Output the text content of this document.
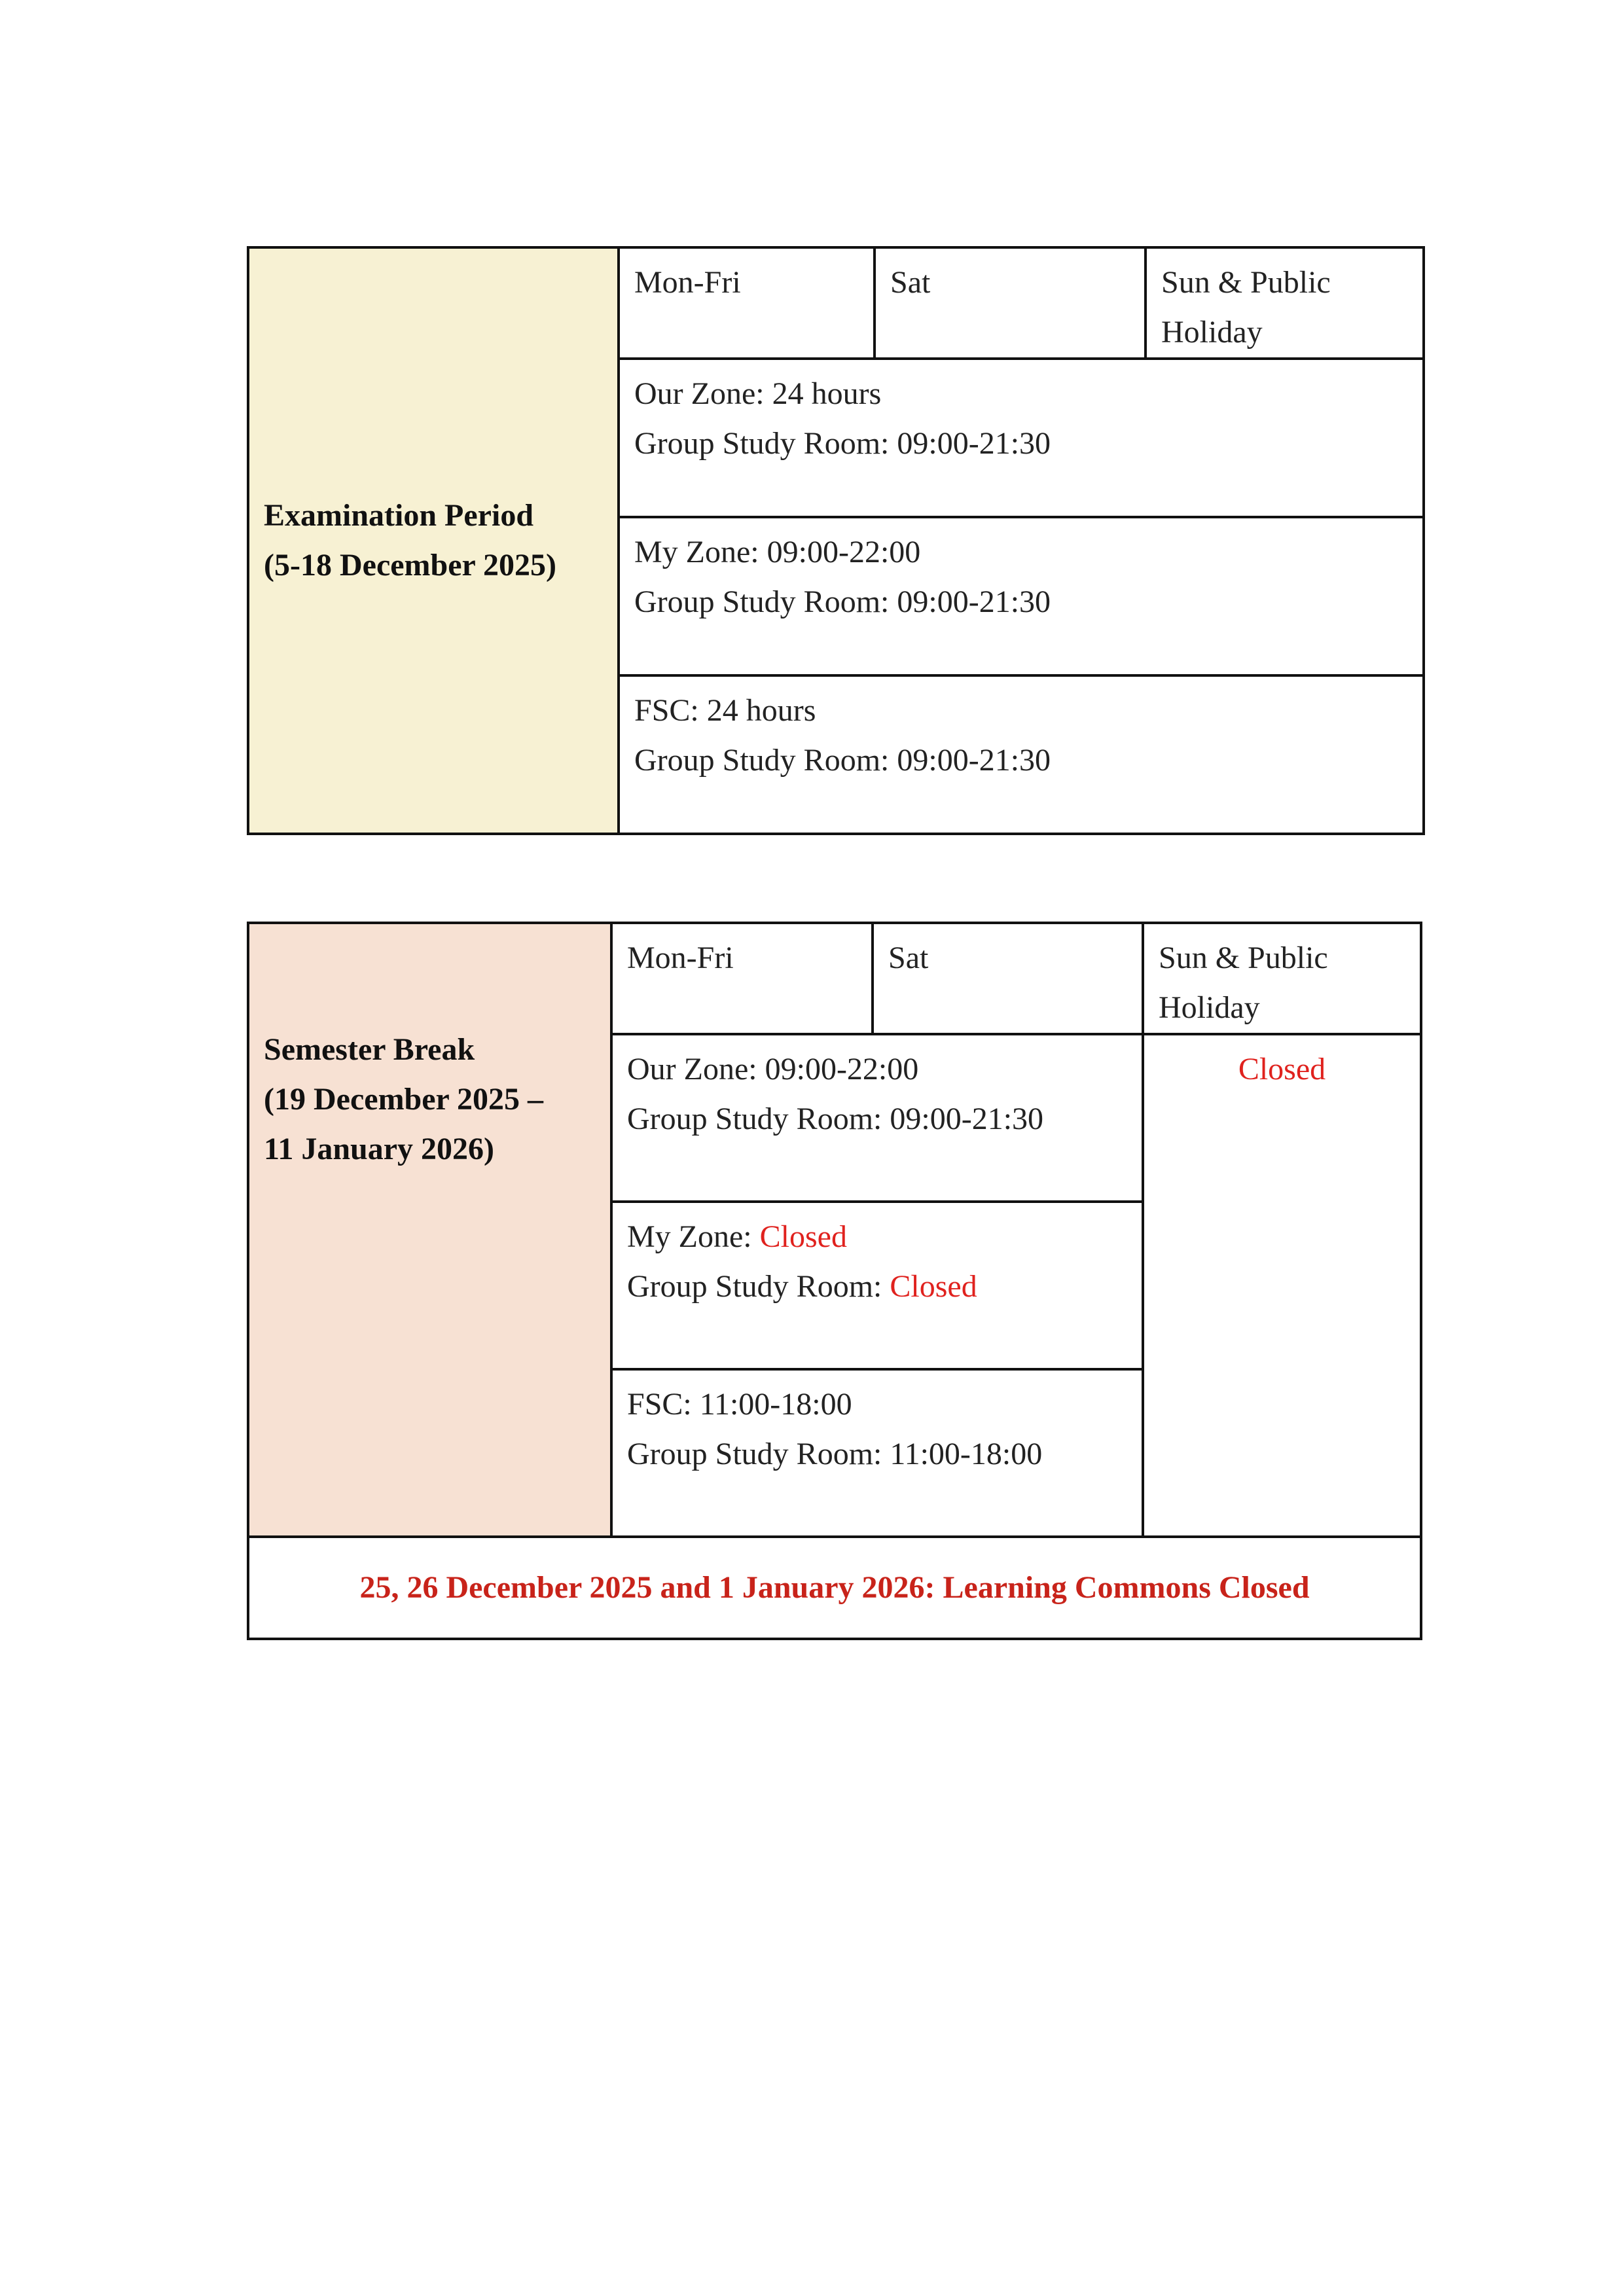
Examination Period
(5-18 December 2025)
	Mon-Fri	Sat	Sun & Public
Holiday

Our Zone: 24 hours
Group Study Room: 09:00-21:30

My Zone: 09:00-22:00
Group Study Room: 09:00-21:30

FSC: 24 hours
Group Study Room: 09:00-21:30
Semester Break
(19 December 2025 –
11 January 2026)	Mon-Fri	Sat	Sun & Public
Holiday

	Our Zone: 09:00-22:00
Group Study Room: 09:00-21:30		Closed

	My Zone: Closed
Group Study Room: Closed		

	FSC: 11:00-18:00
Group Study Room: 11:00-18:00		

25, 26 December 2025 and 1 January 2026: Learning Commons Closed			
